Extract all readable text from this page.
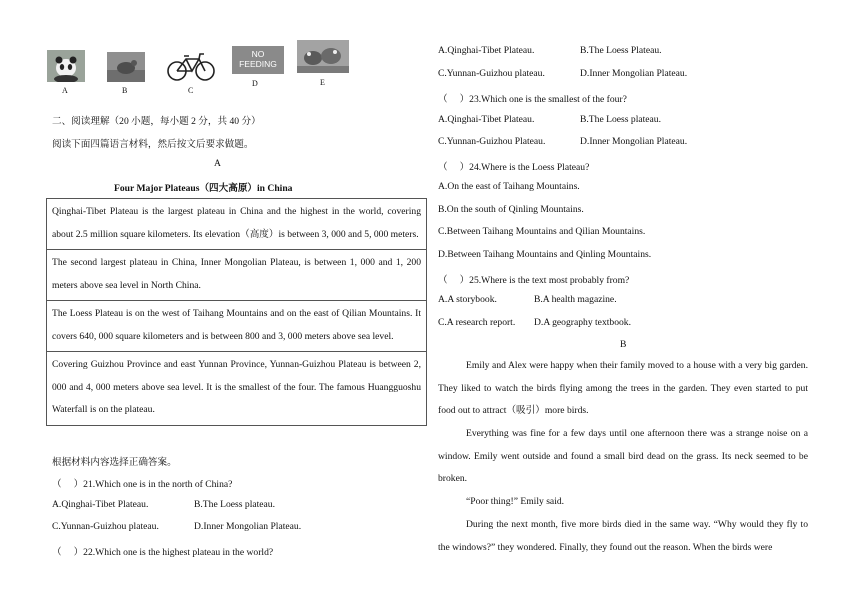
A	B	C
NO
FEEDING
D	E
二、阅读理解（20 小题，每小题 2 分，共 40 分）
阅读下面四篇语言材料，然后按文后要求做题。
A
Four Major Plateaus（四大高原）in China
Qinghai-Tibet Plateau is the largest plateau in China and the highest in the world, covering about 2.5 million square kilometers. Its elevation（高度）is between 3, 000 and 5, 000 meters.
The second largest plateau in China, Inner Mongolian Plateau, is between 1, 000 and 1, 200 meters above sea level in North China.
The Loess Plateau is on the west of Taihang Mountains and on the east of Qilian Mountains. It covers 640, 000 square kilometers and is between 800 and 3, 000 meters above sea level.
Covering Guizhou Province and east Yunnan Province, Yunnan-Guizhou Plateau is between 2, 000 and 4, 000 meters above sea level. It is the smallest of the four. The famous Huangguoshu Waterfall is on the plateau.
根据材料内容选择正确答案。
（　 ）21.Which one is in the north of China?
A.Qinghai-Tibet Plateau.	B.The Loess plateau.
C.Yunnan-Guizhou plateau.	D.Inner Mongolian Plateau.
（　 ）22.Which one is the highest plateau in the world?
A.Qinghai-Tibet Plateau.	B.The Loess Plateau.
C.Yunnan-Guizhou plateau.	D.Inner Mongolian Plateau.
（　 ）23.Which one is the smallest of the four?
A.Qinghai-Tibet Plateau.	B.The Loess plateau.
C.Yunnan-Guizhou Plateau.	D.Inner Mongolian Plateau.
（　 ）24.Where is the Loess Plateau?
A.On the east of Taihang Mountains.
B.On the south of Qinling Mountains.
C.Between Taihang Mountains and Qilian Mountains.
D.Between Taihang Mountains and Qinling Mountains.
（　 ）25.Where is the text most probably from?
A.A storybook.	B.A health magazine.
C.A research report. D.A geography textbook.
B
Emily and Alex were happy when their family moved to a house with a very big garden. They liked to watch the birds flying among the trees in the garden. They even started to put food out to attract（吸引）more birds.
Everything was fine for a few days until one afternoon there was a strange noise on a window. Emily went outside and found a small bird dead on the grass. Its neck seemed to be broken.
“Poor thing!” Emily said.
During the next month, five more birds died in the same way. “Why would they fly to the windows?” they wondered. Finally, they found out the reason. When the birds were
